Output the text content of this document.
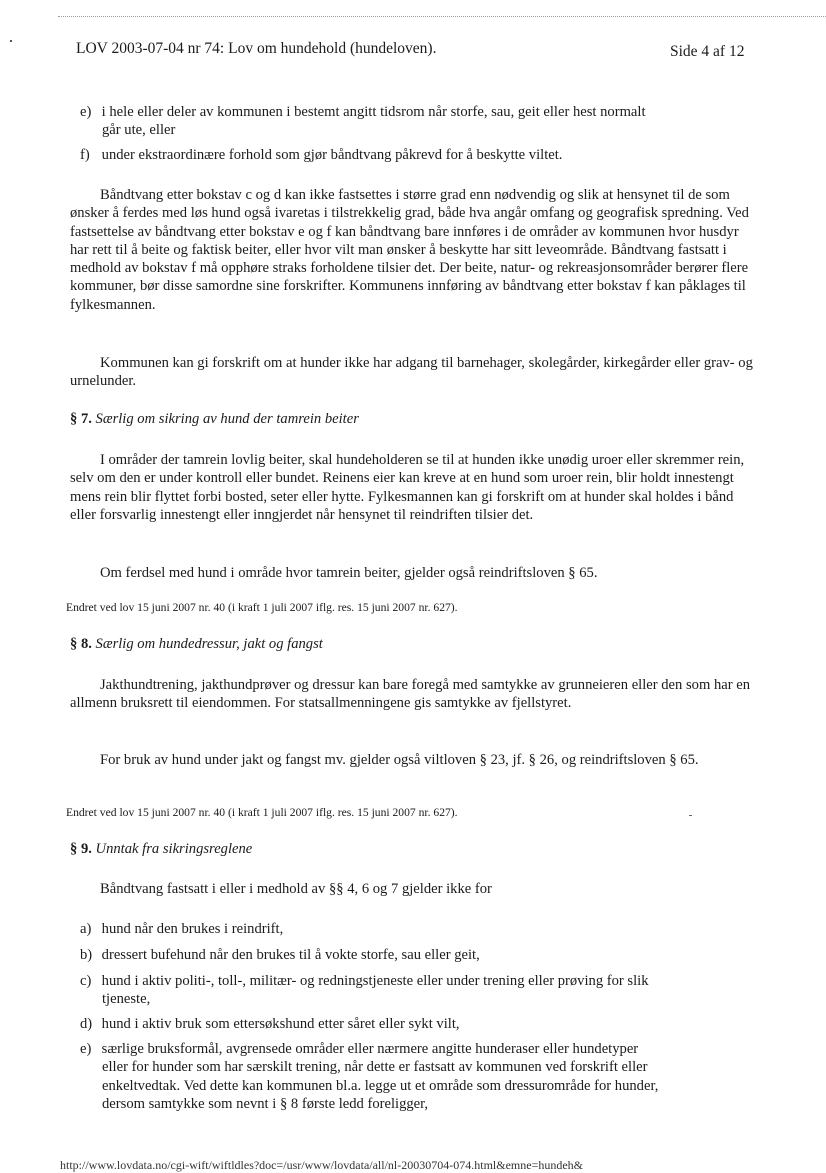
LOV 2003-07-04 nr 74: Lov om hundehold (hundeloven).	Side 4 af 12
e) i hele eller deler av kommunen i bestemt angitt tidsrom når storfe, sau, geit eller hest normalt
går ute, eller
f) under ekstraordinære forhold som gjør båndtvang påkrevd for å beskytte viltet.
Båndtvang etter bokstav c og d kan ikke fastsettes i større grad enn nødvendig og slik at hensynet til de som ønsker å ferdes med løs hund også ivaretas i tilstrekkelig grad, både hva angår omfang og geografisk spredning. Ved fastsettelse av båndtvang etter bokstav e og f kan båndtvang bare innføres i de områder av kommunen hvor husdyr har rett til å beite og faktisk beiter, eller hvor vilt man ønsker å beskytte har sitt leveområde. Båndtvang fastsatt i medhold av bokstav f må opphøre straks forholdene tilsier det. Der beite, natur- og rekreasjonsområder berører flere kommuner, bør disse samordne sine forskrifter. Kommunens innføring av båndtvang etter bokstav f kan påklages til fylkesmannen.
Kommunen kan gi forskrift om at hunder ikke har adgang til barnehager, skolegårder, kirkegårder eller grav- og urnelunder.
§ 7. Særlig om sikring av hund der tamrein beiter
I områder der tamrein lovlig beiter, skal hundeholderen se til at hunden ikke unødig uroer eller skremmer rein, selv om den er under kontroll eller bundet. Reinens eier kan kreve at en hund som uroer rein, blir holdt innestengt mens rein blir flyttet forbi bosted, seter eller hytte. Fylkesmannen kan gi forskrift om at hunder skal holdes i bånd eller forsvarlig innestengt eller inngjerdet når hensynet til reindriften tilsier det.
Om ferdsel med hund i område hvor tamrein beiter, gjelder også reindriftsloven § 65.
Endret ved lov 15 juni 2007 nr. 40 (i kraft 1 juli 2007 iflg. res. 15 juni 2007 nr. 627).
§ 8. Særlig om hundedressur, jakt og fangst
Jakthundtrening, jakthundprøver og dressur kan bare foregå med samtykke av grunneieren eller den som har en allmenn bruksrett til eiendommen. For statsallmenningene gis samtykke av fjellstyret.
For bruk av hund under jakt og fangst mv. gjelder også viltloven § 23, jf. § 26, og reindriftsloven § 65.
Endret ved lov 15 juni 2007 nr. 40 (i kraft 1 juli 2007 iflg. res. 15 juni 2007 nr. 627).
§ 9. Unntak fra sikringsreglene
Båndtvang fastsatt i eller i medhold av §§ 4, 6 og 7 gjelder ikke for
a) hund når den brukes i reindrift,
b) dressert bufehund når den brukes til å vokte storfe, sau eller geit,
c) hund i aktiv politi-, toll-, militær- og redningstjeneste eller under trening eller prøving for slik
tjeneste,
d) hund i aktiv bruk som ettersøkshund etter såret eller sykt vilt,
e) særlige bruksformål, avgrensede områder eller nærmere angitte hunderaser eller hundetyper
eller for hunder som har særskilt trening, når dette er fastsatt av kommunen ved forskrift eller
enkeltvedtak. Ved dette kan kommunen bl.a. legge ut et område som dressurområde for hunder,
dersom samtykke som nevnt i § 8 første ledd foreligger,
http://www.lovdata.no/cgi-wift/wiftldles?doc=/usr/www/lovdata/all/nl-20030704-074.html&emne=hundeh&
